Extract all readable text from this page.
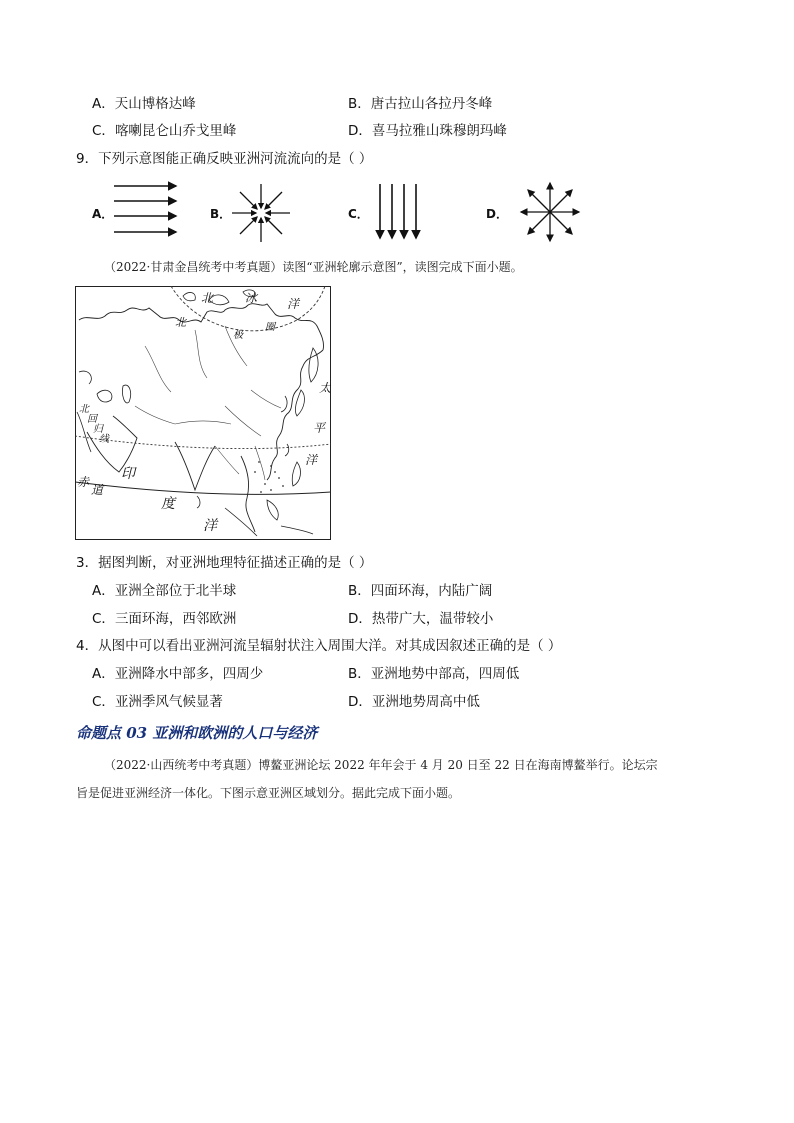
A．天山博格达峰	B．唐古拉山各拉丹冬峰
C．喀喇昆仑山乔戈里峰	D．喜马拉雅山珠穆朗玛峰
9．下列示意图能正确反映亚洲河流流向的是（ ）
A．	B．	C．	D．
（2022·甘肃金昌统考中考真题）读图“亚洲轮廓示意图”，读图完成下面小题。
北	冰 洋
北
极
圈
太
平
洋
北
回
归
线
赤
道
印
度
洋
3．据图判断，对亚洲地理特征描述正确的是（ ）
A．亚洲全部位于北半球	B．四面环海，内陆广阔
C．三面环海，西邻欧洲	D．热带广大，温带较小
4．从图中可以看出亚洲河流呈辐射状注入周围大洋。对其成因叙述正确的是（ ）
A．亚洲降水中部多，四周少	B．亚洲地势中部高，四周低
C．亚洲季风气候显著	D．亚洲地势周高中低
命题点 03 亚洲和欧洲的人口与经济
（2022·山西统考中考真题）博鳌亚洲论坛 2022 年年会于 4 月 20 日至 22 日在海南博鳌举行。论坛宗
旨是促进亚洲经济一体化。下图示意亚洲区域划分。据此完成下面小题。
